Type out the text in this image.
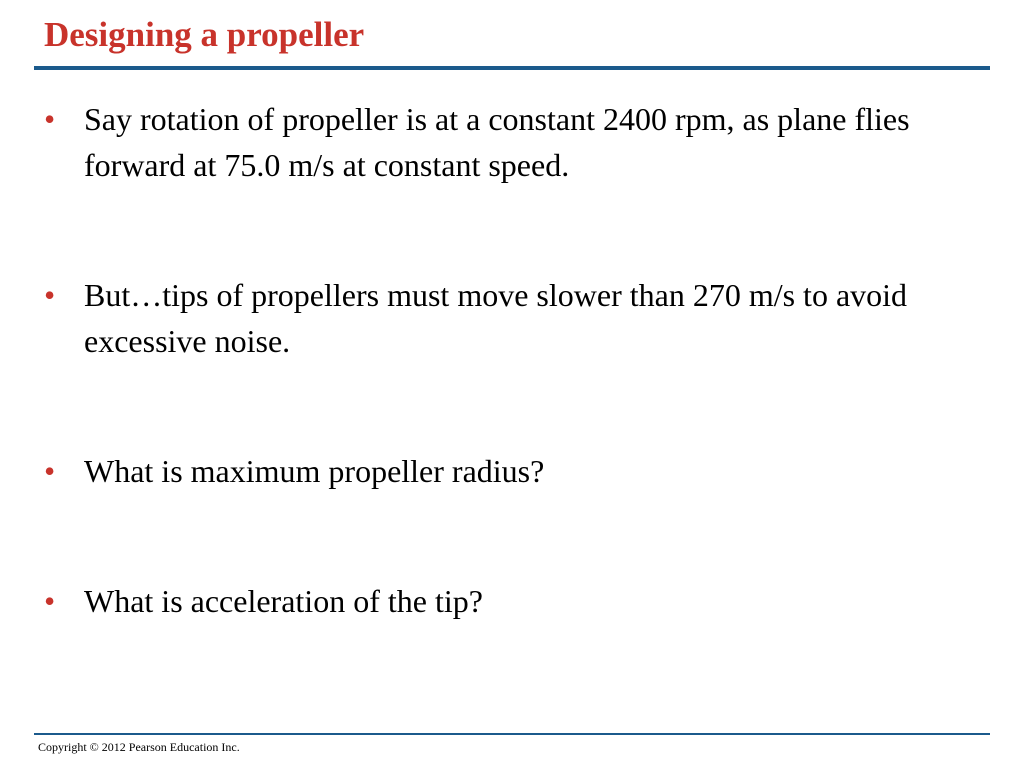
Designing a propeller
• Say rotation of propeller is at a constant 2400 rpm, as plane flies forward at 75.0 m/s at constant speed.
• But…tips of propellers must move slower than 270 m/s to avoid excessive noise.
• What is maximum propeller radius?
• What is acceleration of the tip?
Copyright © 2012 Pearson Education Inc.
